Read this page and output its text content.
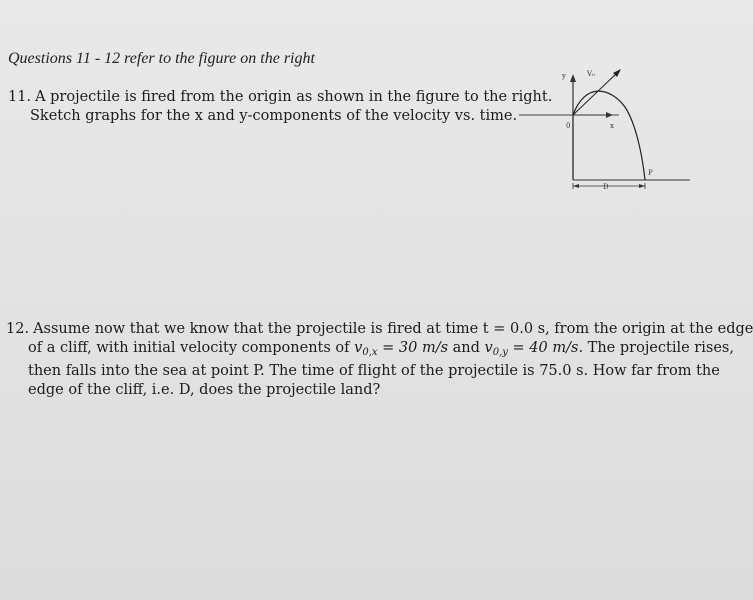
Questions 11 - 12 refer to the figure on the right
11. A projectile is fired from the origin as shown in the figure to the right.
Sketch graphs for the x and y-components of the velocity vs. time.
y	V₀
0	x
P
D
12. Assume now that we know that the projectile is fired at time t = 0.0 s, from the origin at the edge
of a cliff, with initial velocity components of $v_{0,x} = 30$ m/s and $v_{0,y} = 40$ m/s. The projectile rises,
then falls into the sea at point P. The time of flight of the projectile is 75.0 s. How far from the
edge of the cliff, i.e. D, does the projectile land?
